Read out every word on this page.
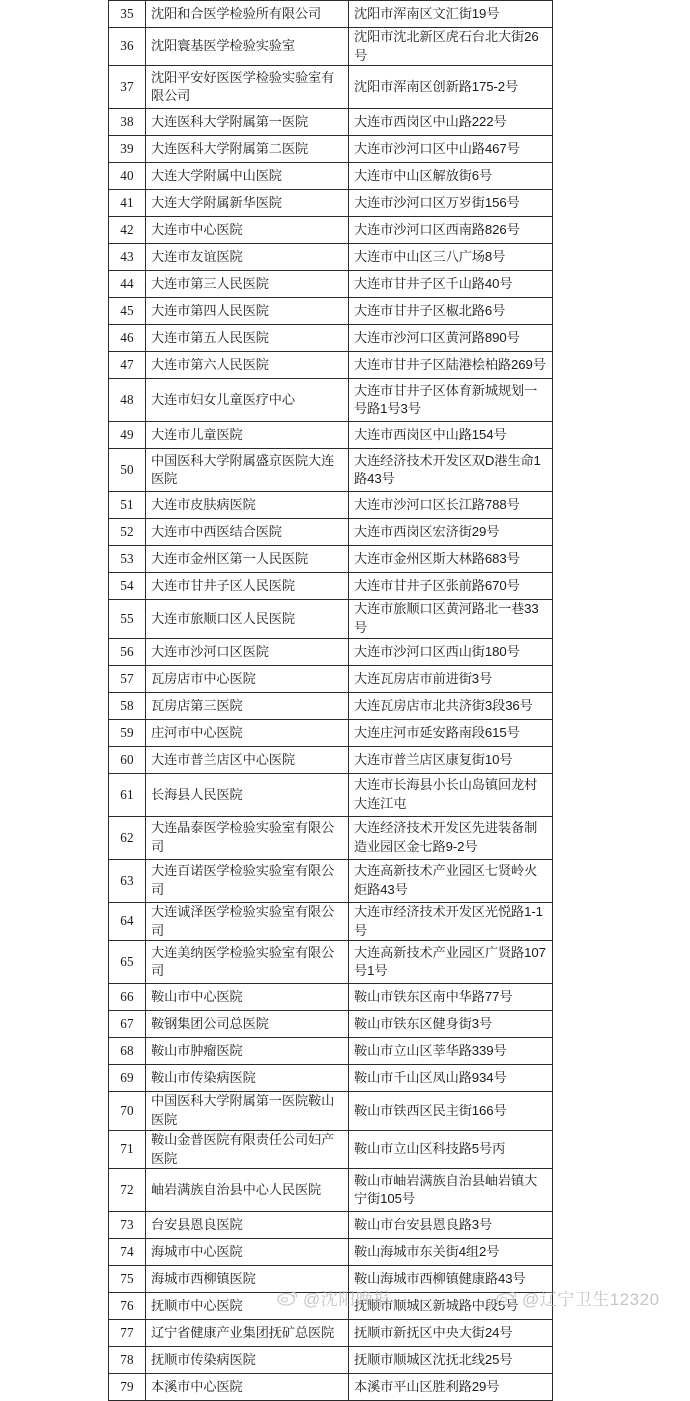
35	沈阳和合医学检验所有限公司	沈阳市浑南区文汇街19号
36	沈阳寰基医学检验实验室	沈阳市沈北新区虎石台北大街26号
37	沈阳平安好医医学检验实验室有限公司	沈阳市浑南区创新路175-2号
38	大连医科大学附属第一医院	大连市西岗区中山路222号
39	大连医科大学附属第二医院	大连市沙河口区中山路467号
40	大连大学附属中山医院	大连市中山区解放街6号
41	大连大学附属新华医院	大连市沙河口区万岁街156号
42	大连市中心医院	大连市沙河口区西南路826号
43	大连市友谊医院	大连市中山区三八广场8号
44	大连市第三人民医院	大连市甘井子区千山路40号
45	大连市第四人民医院	大连市甘井子区椒北路6号
46	大连市第五人民医院	大连市沙河口区黄河路890号
47	大连市第六人民医院	大连市甘井子区陆港桧柏路269号
48	大连市妇女儿童医疗中心	大连市甘井子区体育新城规划一号路1号3号
49	大连市儿童医院	大连市西岗区中山路154号
50	中国医科大学附属盛京医院大连医院	大连经济技术开发区双D港生命1路43号
51	大连市皮肤病医院	大连市沙河口区长江路788号
52	大连市中西医结合医院	大连市西岗区宏济街29号
53	大连市金州区第一人民医院	大连市金州区斯大林路683号
54	大连市甘井子区人民医院	大连市甘井子区张前路670号
55	大连市旅顺口区人民医院	大连市旅顺口区黄河路北一巷33号
56	大连市沙河口区医院	大连市沙河口区西山街180号
57	瓦房店市中心医院	大连瓦房店市前进街3号
58	瓦房店第三医院	大连瓦房店市北共济街3段36号
59	庄河市中心医院	大连庄河市延安路南段615号
60	大连市普兰店区中心医院	大连市普兰店区康复街10号
61	长海县人民医院	大连市长海县小长山岛镇回龙村大连江屯
62	大连晶泰医学检验实验室有限公司	大连经济技术开发区先进装备制造业园区金七路9-2号
63	大连百诺医学检验实验室有限公司	大连高新技术产业园区七贤岭火炬路43号
64	大连诚泽医学检验实验室有限公司	大连市经济技术开发区光悦路1-1号
65	大连美纳医学检验实验室有限公司	大连高新技术产业园区广贤路107号1号
66	鞍山市中心医院	鞍山市铁东区南中华路77号
67	鞍钢集团公司总医院	鞍山市铁东区健身街3号
68	鞍山市肿瘤医院	鞍山市立山区莘华路339号
69	鞍山市传染病医院	鞍山市千山区凤山路934号
70	中国医科大学附属第一医院鞍山医院	鞍山市铁西区民主街166号
71	鞍山金普医院有限责任公司妇产医院	鞍山市立山区科技路5号丙
72	岫岩满族自治县中心人民医院	鞍山市岫岩满族自治县岫岩镇大宁街105号
73	台安县恩良医院	鞍山市台安县恩良路3号
74	海城市中心医院	鞍山海城市东关街4组2号
75	海城市西柳镇医院	鞍山海城市西柳镇健康路43号
76	抚顺市中心医院	抚顺市顺城区新城路中段5号
77	辽宁省健康产业集团抚矿总医院	抚顺市新抚区中央大街24号
78	抚顺市传染病医院	抚顺市顺城区沈抚北线25号
79	本溪市中心医院	本溪市平山区胜利路29号
@沈阳晚报	@辽宁卫生12320
